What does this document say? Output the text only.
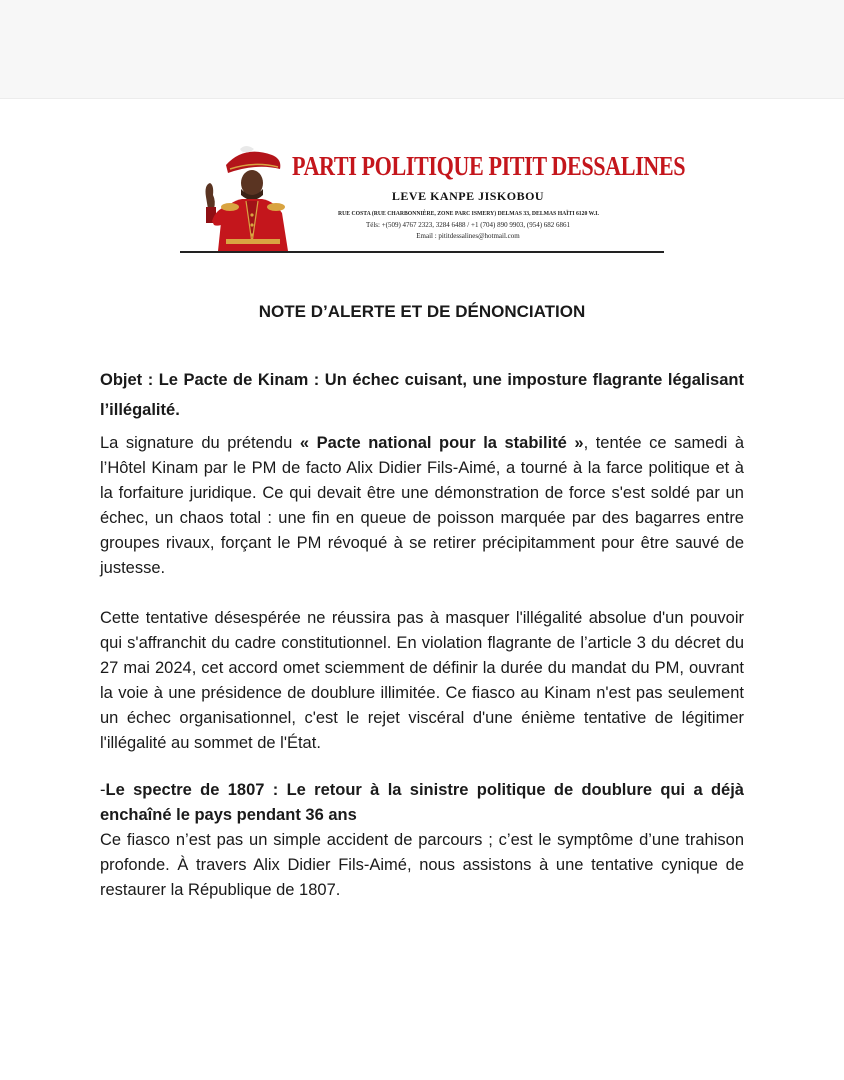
PARTI POLITIQUE PITIT DESSALINES

LEVE KANPE JISKOBOU

RUE COSTA (RUE CHARBONNIÈRE, ZONE PARC ISMERY) DELMAS 33, DELMAS HAÏTI 6120 W.I.

Téls: +(509) 4767 2323, 3284 6488 / +1 (704) 890 9903, (954) 682 6861

Email : pititdessalines@hotmail.com

NOTE D’ALERTE ET DE DÉNONCIATION

Objet : Le Pacte de Kinam : Un échec cuisant, une imposture flagrante légalisant l’illégalité.

La signature du prétendu « Pacte national pour la stabilité », tentée ce samedi à l’Hôtel Kinam par le PM de facto Alix Didier Fils-Aimé, a tourné à la farce politique et à la forfaiture juridique. Ce qui devait être une démonstration de force s'est soldé par un échec, un chaos total : une fin en queue de poisson marquée par des bagarres entre groupes rivaux, forçant le PM révoqué à se retirer précipitamment pour être sauvé de justesse.

Cette tentative désespérée ne réussira pas à masquer l'illégalité absolue d'un pouvoir qui s'affranchit du cadre constitutionnel. En violation flagrante de l’article 3 du décret du 27 mai 2024, cet accord omet sciemment de définir la durée du mandat du PM, ouvrant la voie à une présidence de doublure illimitée. Ce fiasco au Kinam n'est pas seulement un échec organisationnel, c'est le rejet viscéral d'une énième tentative de légitimer l'illégalité au sommet de l'État.

-Le spectre de 1807 : Le retour à la sinistre politique de doublure qui a déjà enchaîné le pays pendant 36 ans

Ce fiasco n’est pas un simple accident de parcours ; c’est le symptôme d’une trahison profonde. À travers Alix Didier Fils-Aimé, nous assistons à une tentative cynique de restaurer la République de 1807.
